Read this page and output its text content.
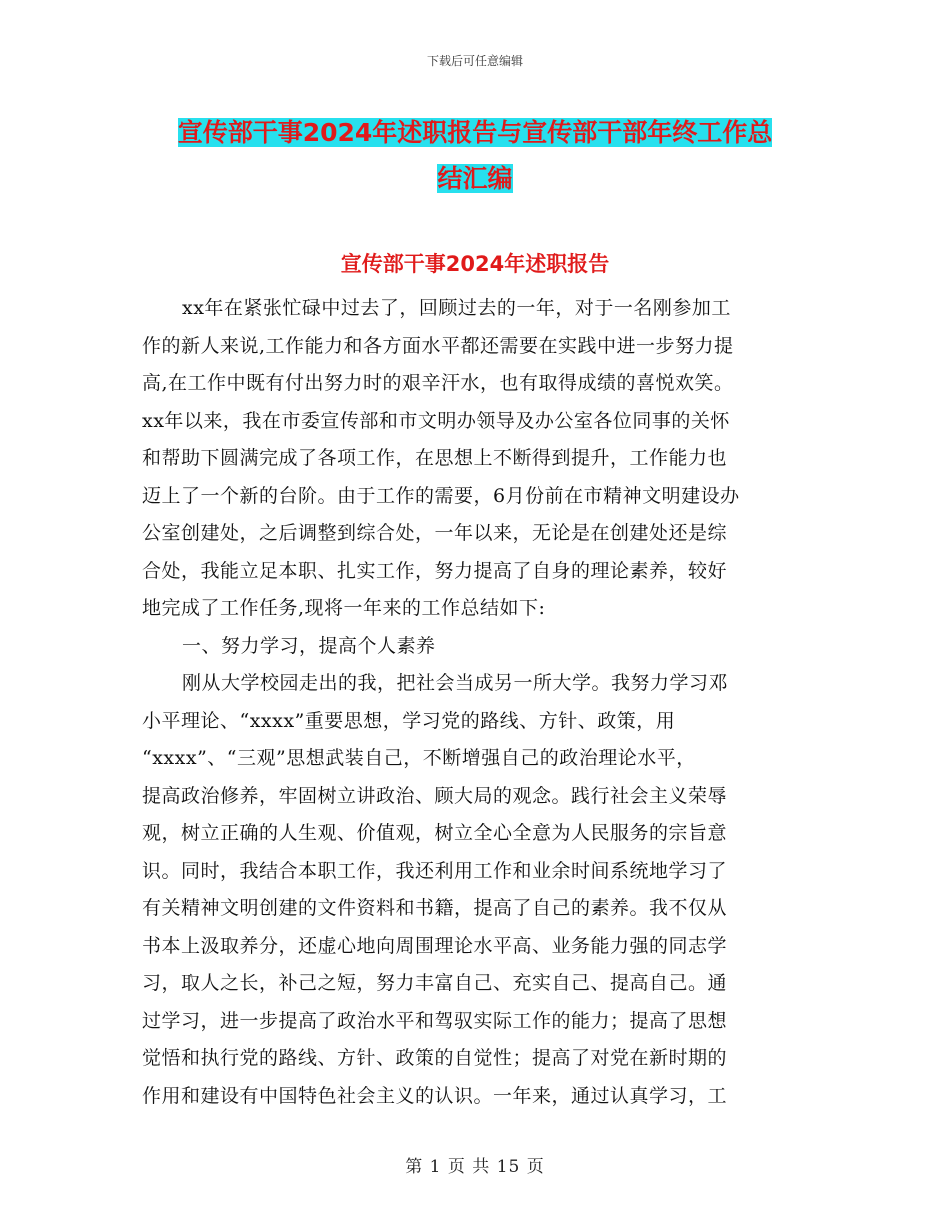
下载后可任意编辑
宣传部干事2024年述职报告与宣传部干部年终工作总
结汇编
宣传部干事2024年述职报告
xx年在紧张忙碌中过去了，回顾过去的一年，对于一名刚参加工
作的新人来说,工作能力和各方面水平都还需要在实践中进一步努力提
高,在工作中既有付出努力时的艰辛汗水，也有取得成绩的喜悦欢笑。
xx年以来，我在市委宣传部和市文明办领导及办公室各位同事的关怀
和帮助下圆满完成了各项工作，在思想上不断得到提升，工作能力也
迈上了一个新的台阶。由于工作的需要，6月份前在市精神文明建设办
公室创建处，之后调整到综合处，一年以来，无论是在创建处还是综
合处，我能立足本职、扎实工作，努力提高了自身的理论素养，较好
地完成了工作任务,现将一年来的工作总结如下:
一、努力学习，提高个人素养
刚从大学校园走出的我，把社会当成另一所大学。我努力学习邓
小平理论、“xxxx”重要思想，学习党的路线、方针、政策，用
“xxxx”、“三观”思想武装自己，不断增强自己的政治理论水平，
提高政治修养，牢固树立讲政治、顾大局的观念。践行社会主义荣辱
观，树立正确的人生观、价值观，树立全心全意为人民服务的宗旨意
识。同时，我结合本职工作，我还利用工作和业余时间系统地学习了
有关精神文明创建的文件资料和书籍，提高了自己的素养。我不仅从
书本上汲取养分，还虚心地向周围理论水平高、业务能力强的同志学
习，取人之长，补己之短，努力丰富自己、充实自己、提高自己。通
过学习，进一步提高了政治水平和驾驭实际工作的能力；提高了思想
觉悟和执行党的路线、方针、政策的自觉性；提高了对党在新时期的
作用和建设有中国特色社会主义的认识。一年来，通过认真学习，工
第 1 页 共 15 页
